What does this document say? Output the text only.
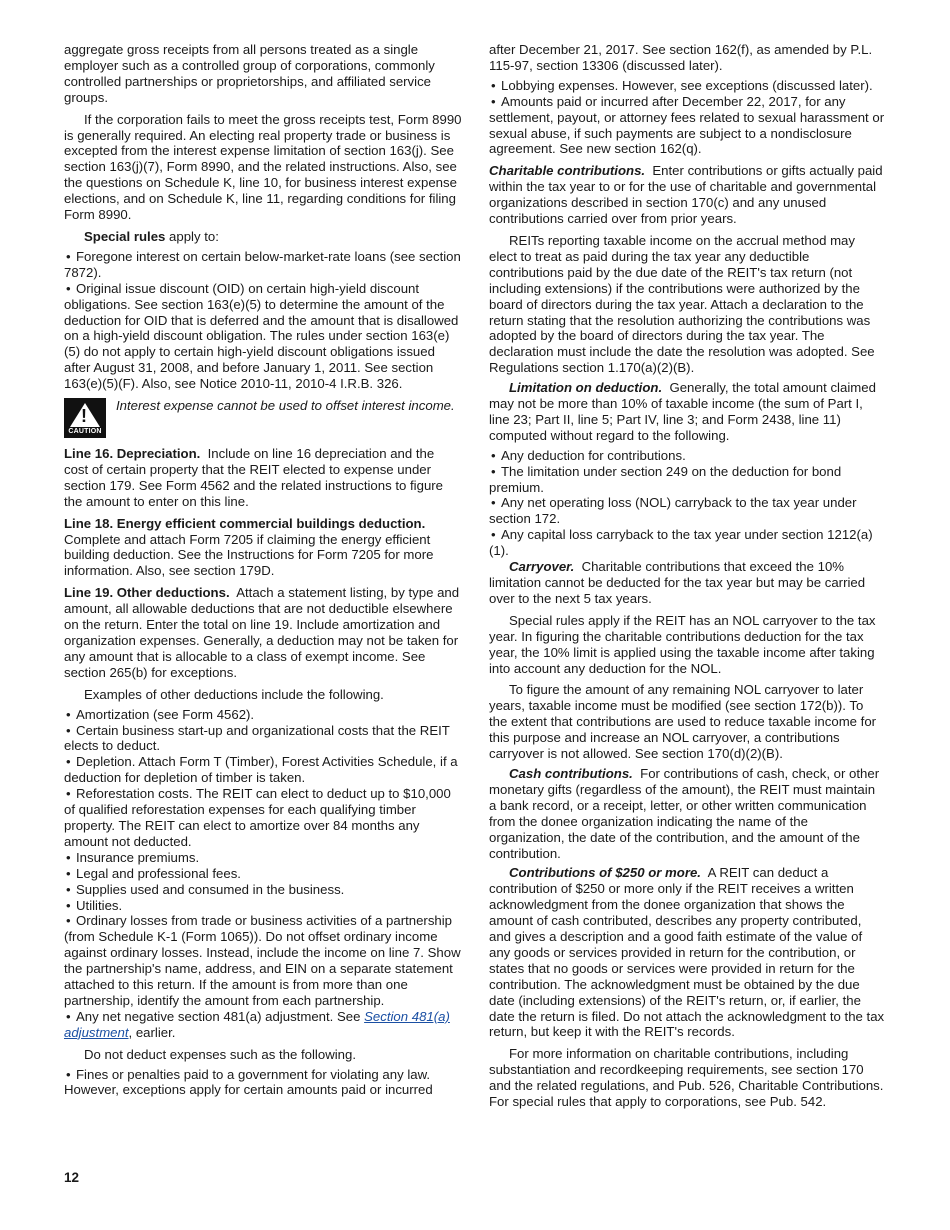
aggregate gross receipts from all persons treated as a single employer such as a controlled group of corporations, commonly controlled partnerships or proprietorships, and affiliated service groups.

If the corporation fails to meet the gross receipts test, Form 8990 is generally required. An electing real property trade or business is excepted from the interest expense limitation of section 163(j). See section 163(j)(7), Form 8990, and the related instructions. Also, see the questions on Schedule K, line 10, for business interest expense elections, and on Schedule K, line 11, regarding conditions for filing Form 8990.

Special rules apply to:

• Foregone interest on certain below-market-rate loans (see section 7872).

• Original issue discount (OID) on certain high-yield discount obligations. See section 163(e)(5) to determine the amount of the deduction for OID that is deferred and the amount that is disallowed on a high-yield discount obligation. The rules under section 163(e)(5) do not apply to certain high-yield discount obligations issued after August 31, 2008, and before January 1, 2011. See section 163(e)(5)(F). Also, see Notice 2010-11, 2010-4 I.R.B. 326.

!
CAUTION
Interest expense cannot be used to offset interest income.

Line 16. Depreciation. Include on line 16 depreciation and the cost of certain property that the REIT elected to expense under section 179. See Form 4562 and the related instructions to figure the amount to enter on this line.

Line 18. Energy efficient commercial buildings deduction.
Complete and attach Form 7205 if claiming the energy efficient building deduction. See the Instructions for Form 7205 for more information. Also, see section 179D.

Line 19. Other deductions. Attach a statement listing, by type and amount, all allowable deductions that are not deductible elsewhere on the return. Enter the total on line 19. Include amortization and organization expenses. Generally, a deduction may not be taken for any amount that is allocable to a class of exempt income. See section 265(b) for exceptions.

Examples of other deductions include the following.

• Amortization (see Form 4562).

• Certain business start-up and organizational costs that the REIT elects to deduct.

• Depletion. Attach Form T (Timber), Forest Activities Schedule, if a deduction for depletion of timber is taken.

• Reforestation costs. The REIT can elect to deduct up to $10,000 of qualified reforestation expenses for each qualifying timber property. The REIT can elect to amortize over 84 months any amount not deducted.

• Insurance premiums.

• Legal and professional fees.

• Supplies used and consumed in the business.

• Utilities.

• Ordinary losses from trade or business activities of a partnership (from Schedule K-1 (Form 1065)). Do not offset ordinary income against ordinary losses. Instead, include the income on line 7. Show the partnership's name, address, and EIN on a separate statement attached to this return. If the amount is from more than one partnership, identify the amount from each partnership.

• Any net negative section 481(a) adjustment. See Section 481(a) adjustment, earlier.

Do not deduct expenses such as the following.

• Fines or penalties paid to a government for violating any law. However, exceptions apply for certain amounts paid or incurred

after December 21, 2017. See section 162(f), as amended by P.L. 115-97, section 13306 (discussed later).

• Lobbying expenses. However, see exceptions (discussed later).

• Amounts paid or incurred after December 22, 2017, for any settlement, payout, or attorney fees related to sexual harassment or sexual abuse, if such payments are subject to a nondisclosure agreement. See new section 162(q).

Charitable contributions. Enter contributions or gifts actually paid within the tax year to or for the use of charitable and governmental organizations described in section 170(c) and any unused contributions carried over from prior years.

REITs reporting taxable income on the accrual method may elect to treat as paid during the tax year any deductible contributions paid by the due date of the REIT's tax return (not including extensions) if the contributions were authorized by the board of directors during the tax year. Attach a declaration to the return stating that the resolution authorizing the contributions was adopted by the board of directors during the tax year. The declaration must include the date the resolution was adopted. See Regulations section 1.170(a)(2)(B).

Limitation on deduction. Generally, the total amount claimed may not be more than 10% of taxable income (the sum of Part I, line 23; Part II, line 5; Part IV, line 3; and Form 2438, line 11) computed without regard to the following.

• Any deduction for contributions.

• The limitation under section 249 on the deduction for bond premium.

• Any net operating loss (NOL) carryback to the tax year under section 172.

• Any capital loss carryback to the tax year under section 1212(a)(1).

Carryover. Charitable contributions that exceed the 10% limitation cannot be deducted for the tax year but may be carried over to the next 5 tax years.

Special rules apply if the REIT has an NOL carryover to the tax year. In figuring the charitable contributions deduction for the tax year, the 10% limit is applied using the taxable income after taking into account any deduction for the NOL.

To figure the amount of any remaining NOL carryover to later years, taxable income must be modified (see section 172(b)). To the extent that contributions are used to reduce taxable income for this purpose and increase an NOL carryover, a contributions carryover is not allowed. See section 170(d)(2)(B).

Cash contributions. For contributions of cash, check, or other monetary gifts (regardless of the amount), the REIT must maintain a bank record, or a receipt, letter, or other written communication from the donee organization indicating the name of the organization, the date of the contribution, and the amount of the contribution.

Contributions of $250 or more. A REIT can deduct a contribution of $250 or more only if the REIT receives a written acknowledgment from the donee organization that shows the amount of cash contributed, describes any property contributed, and gives a description and a good faith estimate of the value of any goods or services provided in return for the contribution, or states that no goods or services were provided in return for the contribution. The acknowledgment must be obtained by the due date (including extensions) of the REIT's return, or, if earlier, the date the return is filed. Do not attach the acknowledgment to the tax return, but keep it with the REIT's records.

For more information on charitable contributions, including substantiation and recordkeeping requirements, see section 170 and the related regulations, and Pub. 526, Charitable Contributions. For special rules that apply to corporations, see Pub. 542.

12
